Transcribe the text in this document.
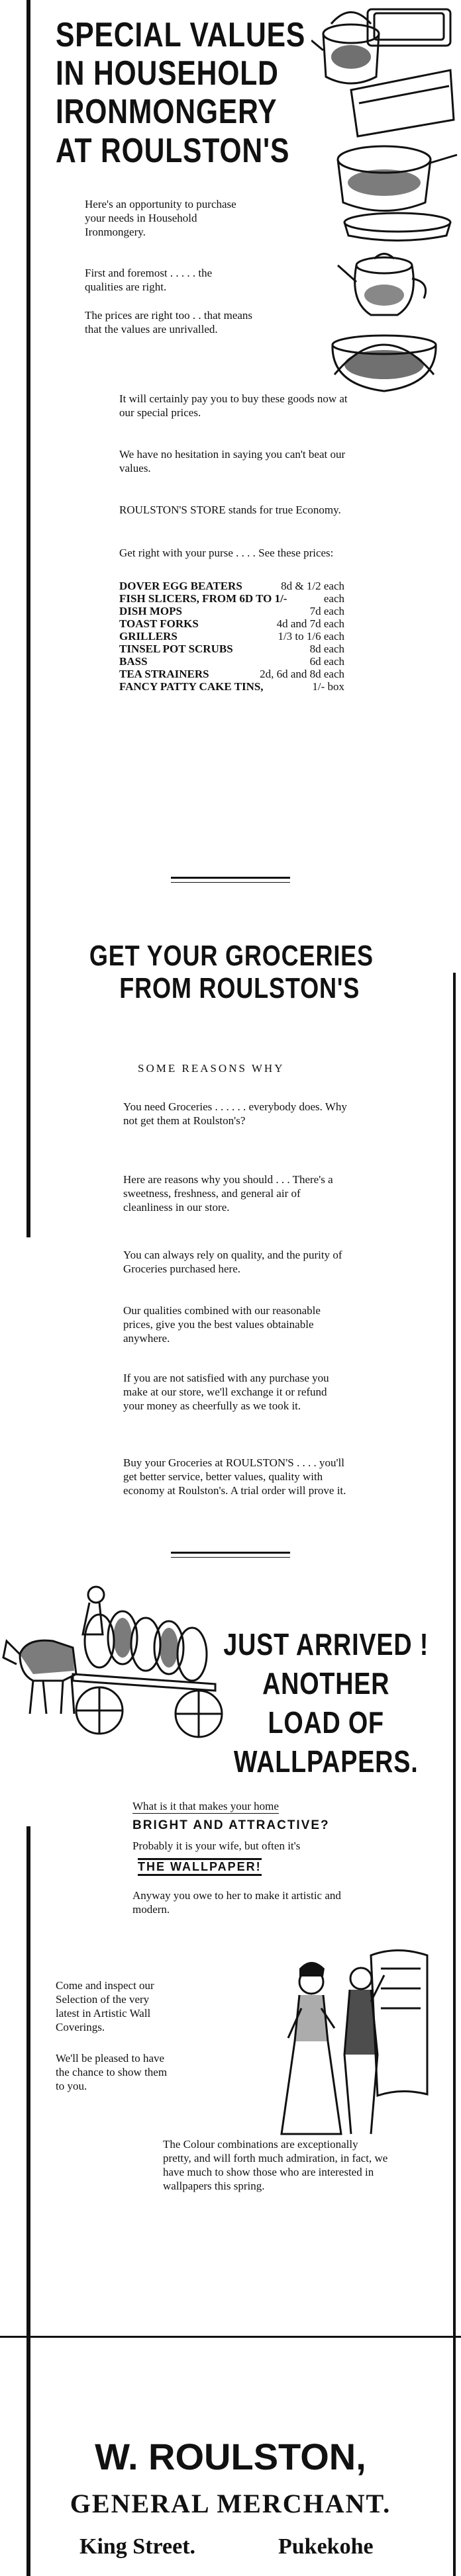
SPECIAL VALUES
IN HOUSEHOLD
IRONMONGERY
AT ROULSTON'S
Here's an opportunity to purchase your needs in Household Ironmongery.
First and foremost . . . . . the qualities are right.
The prices are right too . . that means that the values are unrivalled.
It will certainly pay you to buy these goods now at our special prices.
We have no hesitation in saying you can't beat our values.
ROULSTON'S STORE stands for true Economy.
Get right with your purse . . . . See these prices:
DOVER EGG BEATERS	8d & 1/2 each
FISH SLICERS, FROM 6D TO 1/-	each
DISH MOPS	7d each
TOAST FORKS	4d and 7d each
GRILLERS	1/3 to 1/6 each
TINSEL POT SCRUBS	8d each
BASS	6d each
TEA STRAINERS	2d, 6d and 8d each
FANCY PATTY CAKE TINS,	1/- box
GET YOUR GROCERIES
FROM ROULSTON'S
SOME REASONS WHY
You need Groceries . . . . . . everybody does. Why not get them at Roulston's?
Here are reasons why you should . . . There's a sweetness, freshness, and general air of cleanliness in our store.
You can always rely on quality, and the purity of Groceries purchased here.
Our qualities combined with our reasonable prices, give you the best values obtainable anywhere.
If you are not satisfied with any purchase you make at our store, we'll exchange it or refund your money as cheerfully as we took it.
Buy your Groceries at ROULSTON'S . . . . you'll get better service, better values, quality with economy at Roulston's. A trial order will prove it.
JUST ARRIVED !
ANOTHER
LOAD OF
WALLPAPERS.
What is it that makes your home
BRIGHT AND ATTRACTIVE?
Probably it is your wife, but often it's
THE WALLPAPER!
Anyway you owe to her to make it artistic and modern.
Come and inspect our Selection of the very latest in Artistic Wall Coverings.
We'll be pleased to have the chance to show them to you.
The Colour combinations are exceptionally pretty, and will forth much admiration, in fact, we have much to show those who are interested in wallpapers this spring.
W. ROULSTON,
GENERAL MERCHANT.
King Street.	Pukekohe
